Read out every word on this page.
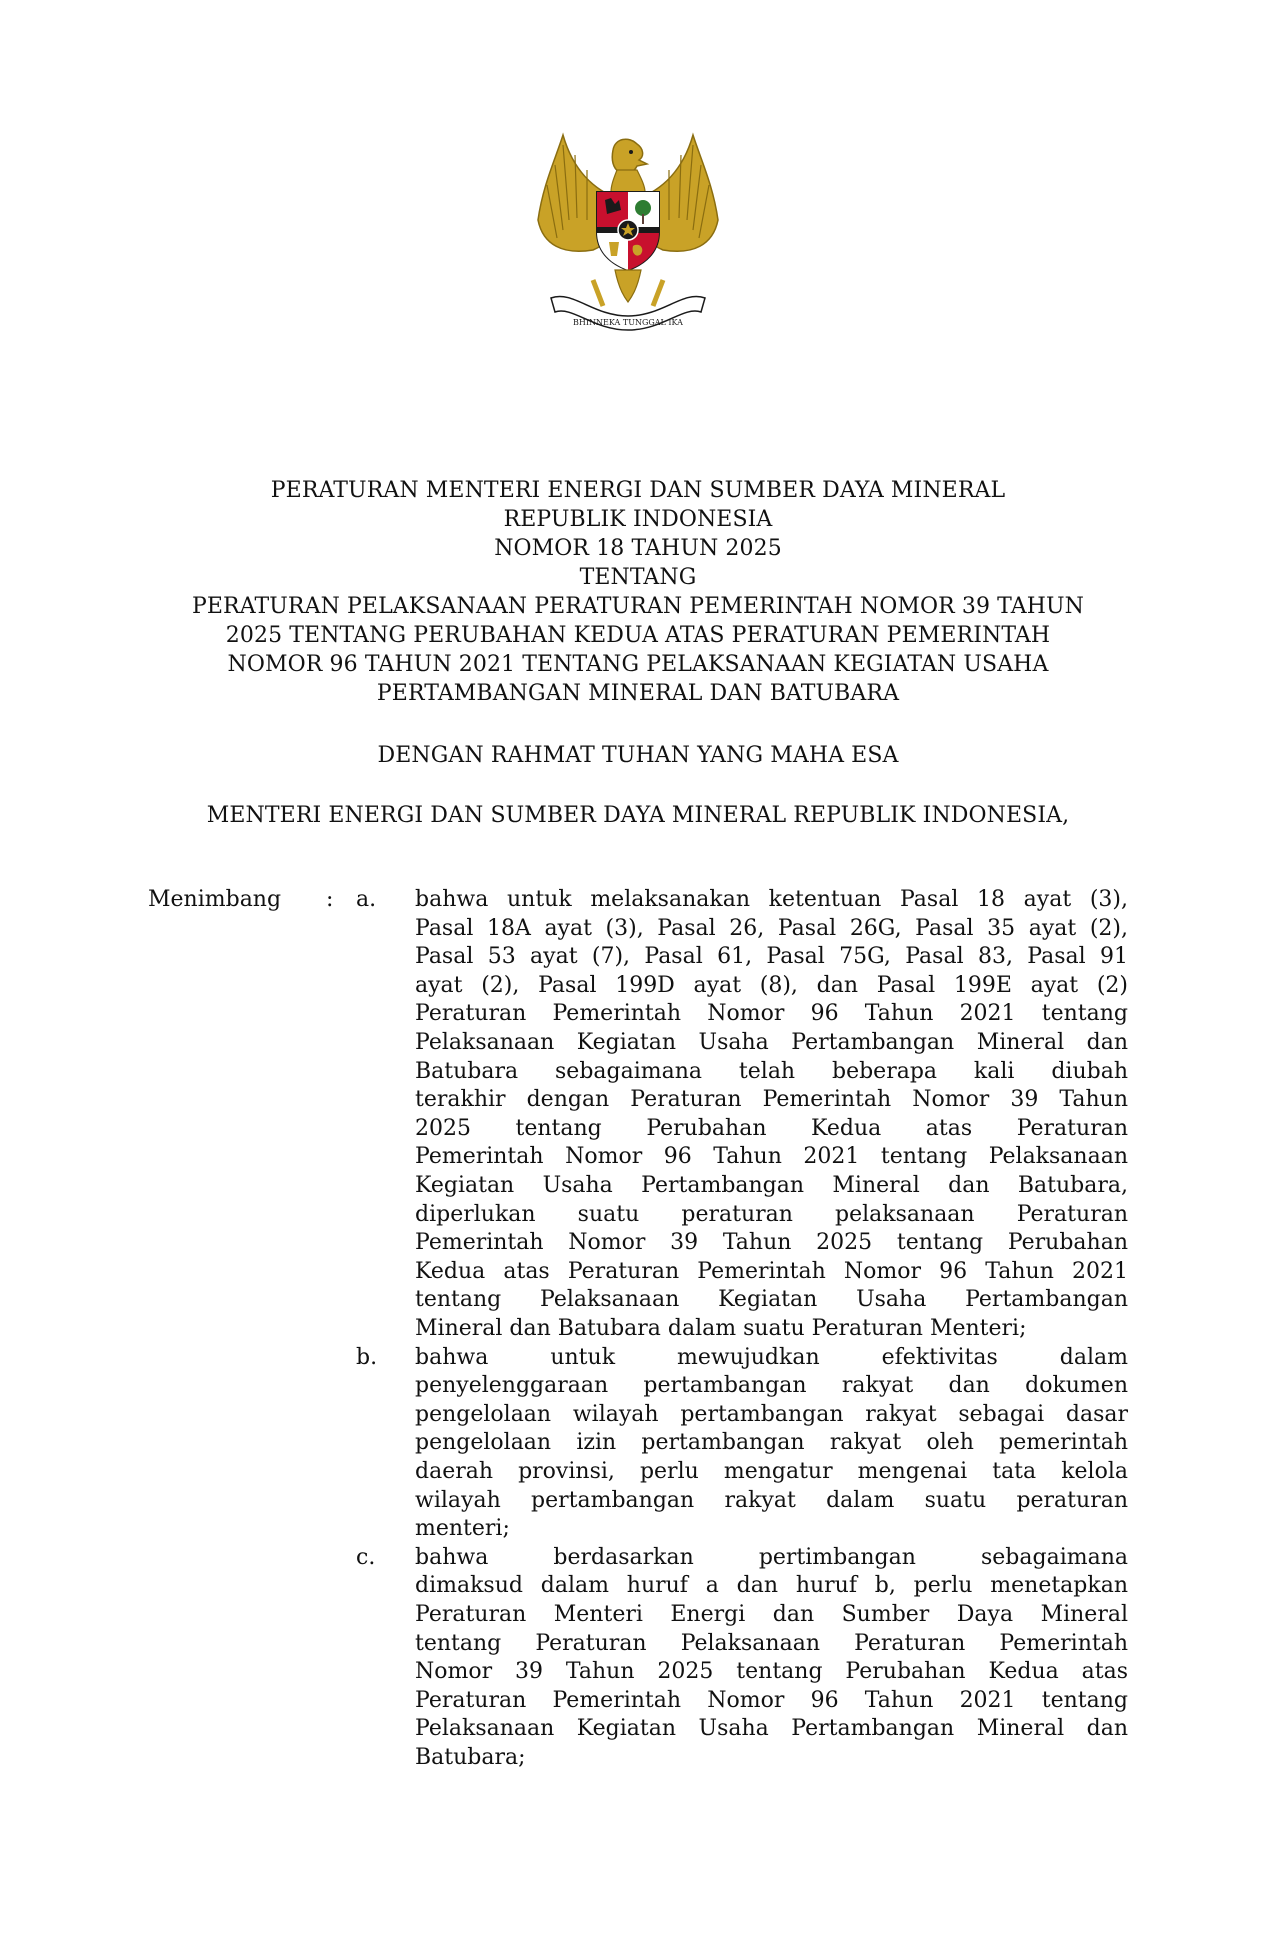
BHINNEKA TUNGGAL IKA
PERATURAN MENTERI ENERGI DAN SUMBER DAYA MINERAL
REPUBLIK INDONESIA
NOMOR 18 TAHUN 2025
TENTANG
PERATURAN PELAKSANAAN PERATURAN PEMERINTAH NOMOR 39 TAHUN
2025 TENTANG PERUBAHAN KEDUA ATAS PERATURAN PEMERINTAH
NOMOR 96 TAHUN 2021 TENTANG PELAKSANAAN KEGIATAN USAHA
PERTAMBANGAN MINERAL DAN BATUBARA
DENGAN RAHMAT TUHAN YANG MAHA ESA
MENTERI ENERGI DAN SUMBER DAYA MINERAL REPUBLIK INDONESIA,
Menimbang	: a. bahwa untuk melaksanakan ketentuan Pasal 18 ayat (3),
Pasal 18A ayat (3), Pasal 26, Pasal 26G, Pasal 35 ayat (2),
Pasal 53 ayat (7), Pasal 61, Pasal 75G, Pasal 83, Pasal 91
ayat (2), Pasal 199D ayat (8), dan Pasal 199E ayat (2)
Peraturan Pemerintah Nomor 96 Tahun 2021 tentang
Pelaksanaan Kegiatan Usaha Pertambangan Mineral dan
Batubara sebagaimana telah beberapa kali diubah
terakhir dengan Peraturan Pemerintah Nomor 39 Tahun
2025 tentang Perubahan Kedua atas Peraturan
Pemerintah Nomor 96 Tahun 2021 tentang Pelaksanaan
Kegiatan Usaha Pertambangan Mineral dan Batubara,
diperlukan suatu peraturan pelaksanaan Peraturan
Pemerintah Nomor 39 Tahun 2025 tentang Perubahan
Kedua atas Peraturan Pemerintah Nomor 96 Tahun 2021
tentang Pelaksanaan Kegiatan Usaha Pertambangan
Mineral dan Batubara dalam suatu Peraturan Menteri;
b. bahwa untuk mewujudkan efektivitas dalam
penyelenggaraan pertambangan rakyat dan dokumen
pengelolaan wilayah pertambangan rakyat sebagai dasar
pengelolaan izin pertambangan rakyat oleh pemerintah
daerah provinsi, perlu mengatur mengenai tata kelola
wilayah pertambangan rakyat dalam suatu peraturan
menteri;
c. bahwa berdasarkan pertimbangan sebagaimana
dimaksud dalam huruf a dan huruf b, perlu menetapkan
Peraturan Menteri Energi dan Sumber Daya Mineral
tentang Peraturan Pelaksanaan Peraturan Pemerintah
Nomor 39 Tahun 2025 tentang Perubahan Kedua atas
Peraturan Pemerintah Nomor 96 Tahun 2021 tentang
Pelaksanaan Kegiatan Usaha Pertambangan Mineral dan
Batubara;
